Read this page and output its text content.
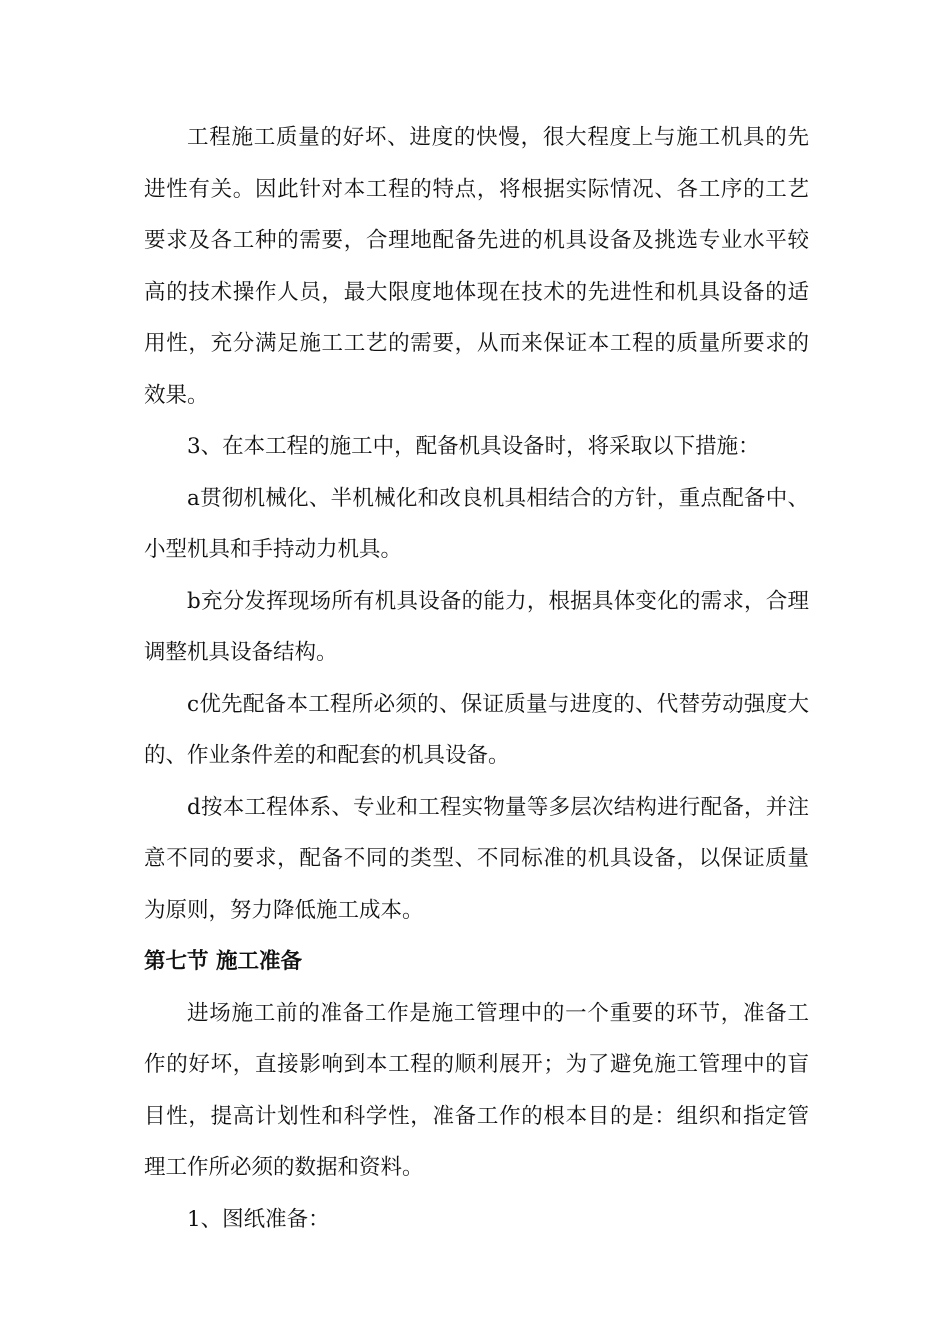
工程施工质量的好坏、进度的快慢，很大程度上与施工机具的先进性有关。因此针对本工程的特点，将根据实际情况、各工序的工艺要求及各工种的需要，合理地配备先进的机具设备及挑选专业水平较高的技术操作人员，最大限度地体现在技术的先进性和机具设备的适用性，充分满足施工工艺的需要，从而来保证本工程的质量所要求的效果。

3、在本工程的施工中，配备机具设备时，将采取以下措施：

a贯彻机械化、半机械化和改良机具相结合的方针，重点配备中、小型机具和手持动力机具。

b充分发挥现场所有机具设备的能力，根据具体变化的需求，合理调整机具设备结构。

c优先配备本工程所必须的、保证质量与进度的、代替劳动强度大的、作业条件差的和配套的机具设备。

d按本工程体系、专业和工程实物量等多层次结构进行配备，并注意不同的要求，配备不同的类型、不同标准的机具设备，以保证质量为原则，努力降低施工成本。

第七节 施工准备

进场施工前的准备工作是施工管理中的一个重要的环节，准备工作的好坏，直接影响到本工程的顺利展开；为了避免施工管理中的盲目性，提高计划性和科学性，准备工作的根本目的是：组织和指定管理工作所必须的数据和资料。

1、图纸准备：
